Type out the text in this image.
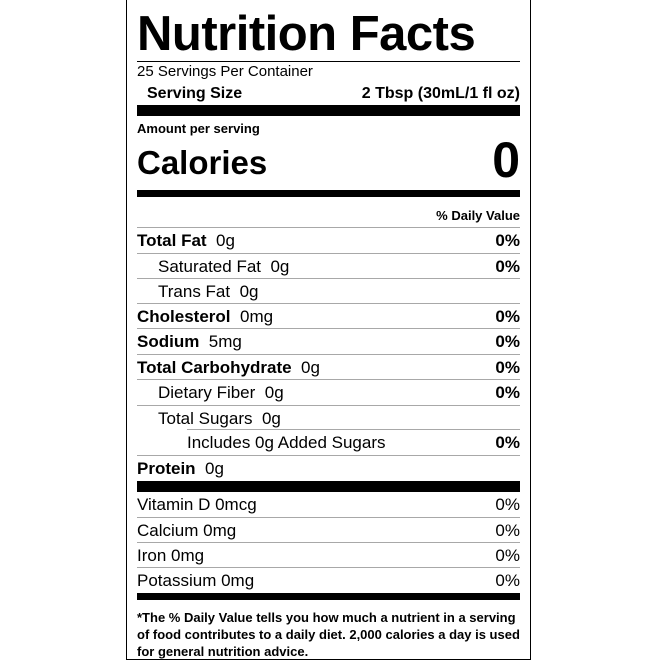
Nutrition Facts
25 Servings Per Container
Serving Size	2 Tbsp (30mL/1 fl oz)
Amount per serving
Calories	0
% Daily Value
Total Fat 0g	0%
Saturated Fat 0g	0%
Trans Fat 0g
Cholesterol 0mg	0%
Sodium 5mg	0%
Total Carbohydrate 0g	0%
Dietary Fiber 0g	0%
Total Sugars 0g
Includes 0g Added Sugars	0%
Protein 0g
Vitamin D 0mcg	0%
Calcium 0mg	0%
Iron 0mg	0%
Potassium 0mg	0%
*The % Daily Value tells you how much a nutrient in a serving of food contributes to a daily diet. 2,000 calories a day is used for general nutrition advice.
